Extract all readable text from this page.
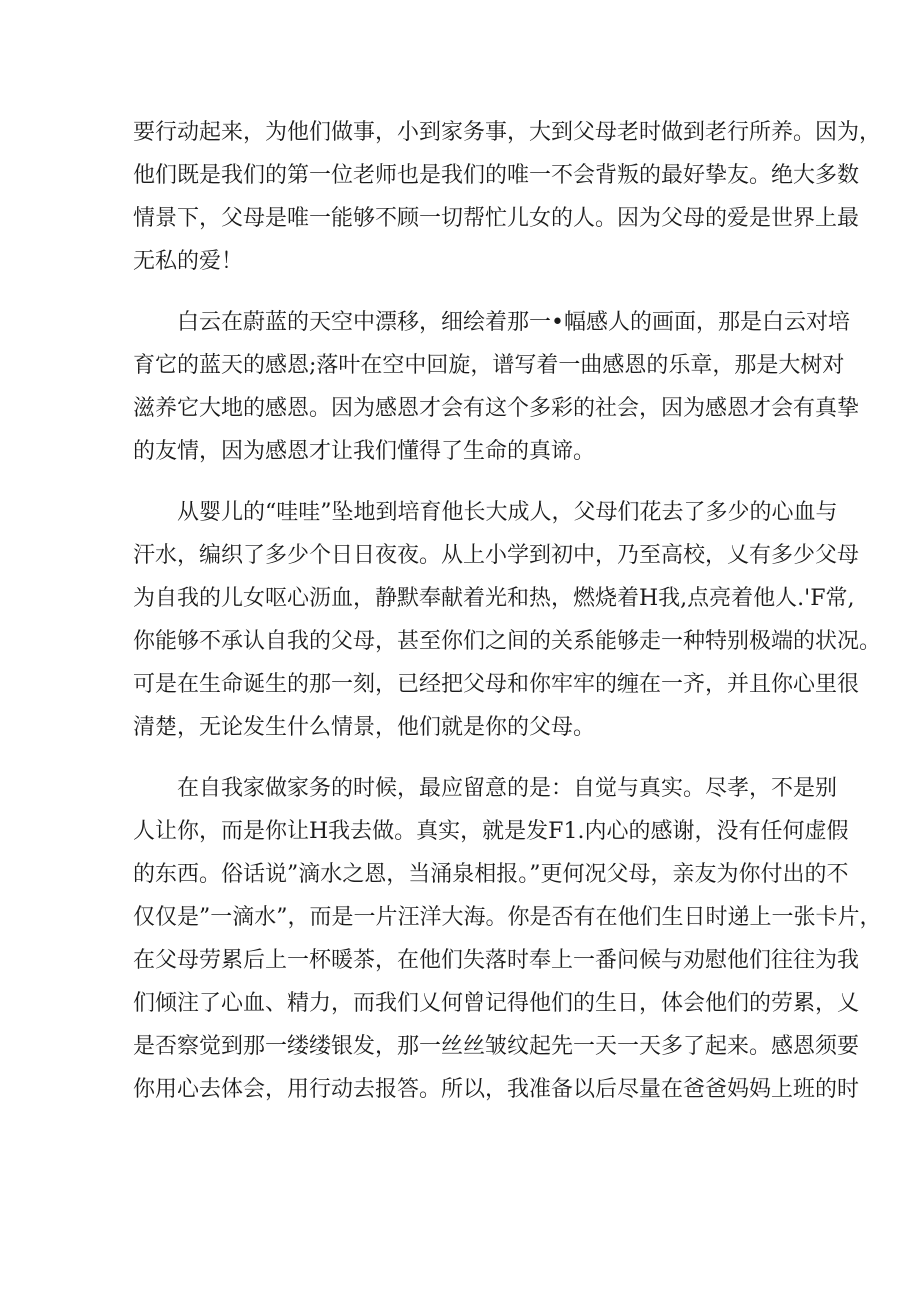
要行动起来，为他们做事，小到家务事，大到父母老时做到老行所养。因为，
他们既是我们的第一位老师也是我们的唯一不会背叛的最好挚友。绝大多数
情景下，父母是唯一能够不顾一切帮忙儿女的人。因为父母的爱是世界上最
无私的爱！
白云在蔚蓝的天空中漂移，细绘着那一•幅感人的画面，那是白云对培
育它的蓝天的感恩;落叶在空中回旋，谱写着一曲感恩的乐章，那是大树对
滋养它大地的感恩。因为感恩才会有这个多彩的社会，因为感恩才会有真挚
的友情，因为感恩才让我们懂得了生命的真谛。
从婴儿的“哇哇”坠地到培育他长大成人，父母们花去了多少的心血与
汗水，编织了多少个日日夜夜。从上小学到初中，乃至高校，乂有多少父母
为自我的儿女呕心沥血，静默奉献着光和热，燃烧着H我,点亮着他人.'F常,
你能够不承认自我的父母，甚至你们之间的关系能够走一种特别极端的状况。
可是在生命诞生的那一刻，已经把父母和你牢牢的缠在一齐，并且你心里很
清楚，无论发生什么情景，他们就是你的父母。
在自我家做家务的时候，最应留意的是：自觉与真实。尽孝，不是别
人让你，而是你让H我去做。真实，就是发F1.内心的感谢，没有任何虚假
的东西。俗话说”滴水之恩，当涌泉相报。”更何况父母，亲友为你付出的不
仅仅是”一滴水”，而是一片汪洋大海。你是否有在他们生日时递上一张卡片，
在父母劳累后上一杯暖茶，在他们失落时奉上一番问候与劝慰他们往往为我
们倾注了心血、精力，而我们乂何曾记得他们的生日，体会他们的劳累，乂
是否察觉到那一缕缕银发，那一丝丝皱纹起先一天一天多了起来。感恩须要
你用心去体会，用行动去报答。所以，我准备以后尽量在爸爸妈妈上班的时
